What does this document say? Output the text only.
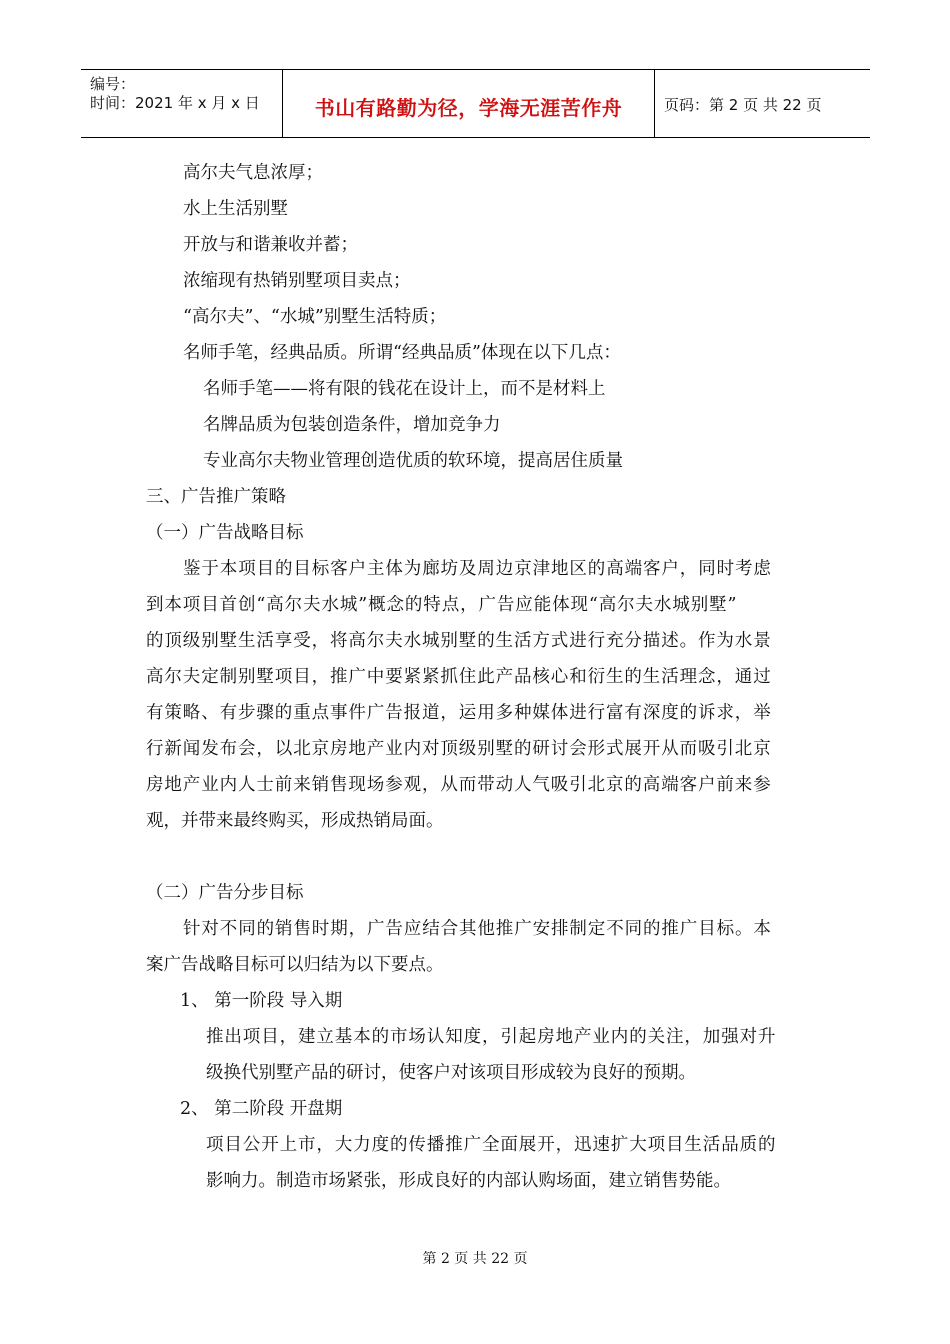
编号：
时间：2021 年 x 月 x 日	书山有路勤为径，学海无涯苦作舟	页码：第 2 页 共 22 页
高尔夫气息浓厚；
水上生活别墅
开放与和谐兼收并蓄；
浓缩现有热销别墅项目卖点；
“高尔夫”、“水城”别墅生活特质；
名师手笔，经典品质。所谓“经典品质”体现在以下几点：
名师手笔——将有限的钱花在设计上，而不是材料上
名牌品质为包装创造条件，增加竞争力
专业高尔夫物业管理创造优质的软环境，提高居住质量
三、广告推广策略
（一）广告战略目标
鉴于本项目的目标客户主体为廊坊及周边京津地区的高端客户，同时考虑
到本项目首创“高尔夫水城”概念的特点，广告应能体现“高尔夫水城别墅”
的顶级别墅生活享受，将高尔夫水城别墅的生活方式进行充分描述。作为水景
高尔夫定制别墅项目，推广中要紧紧抓住此产品核心和衍生的生活理念，通过
有策略、有步骤的重点事件广告报道，运用多种媒体进行富有深度的诉求，举
行新闻发布会，以北京房地产业内对顶级别墅的研讨会形式展开从而吸引北京
房地产业内人士前来销售现场参观，从而带动人气吸引北京的高端客户前来参
观，并带来最终购买，形成热销局面。
（二）广告分步目标
针对不同的销售时期，广告应结合其他推广安排制定不同的推广目标。本
案广告战略目标可以归结为以下要点。
1、 第一阶段 导入期
推出项目，建立基本的市场认知度，引起房地产业内的关注，加强对升
级换代别墅产品的研讨，使客户对该项目形成较为良好的预期。
2、 第二阶段 开盘期
项目公开上市，大力度的传播推广全面展开，迅速扩大项目生活品质的
影响力。制造市场紧张，形成良好的内部认购场面，建立销售势能。
第 2 页 共 22 页
